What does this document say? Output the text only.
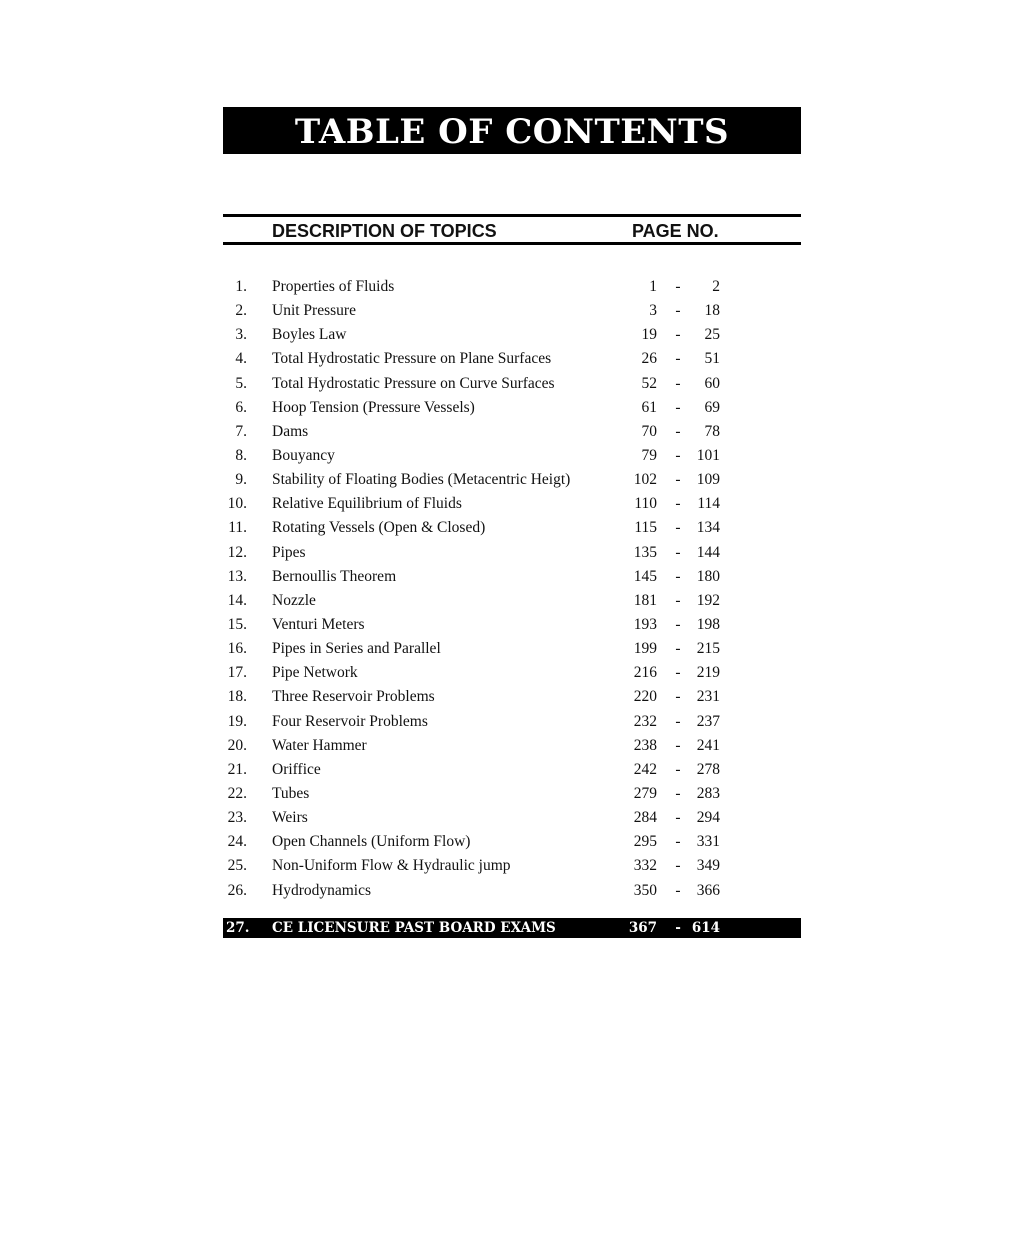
TABLE OF CONTENTS
DESCRIPTION OF TOPICS	PAGE NO.
1. Properties of Fluids	1 -	2
2. Unit Pressure	3 -	18
3. Boyles Law	19 -	25
4. Total Hydrostatic Pressure on Plane Surfaces	26 -	51
5. Total Hydrostatic Pressure on Curve Surfaces	52 -	60
6. Hoop Tension (Pressure Vessels)	61 -	69
7. Dams	70 -	78
8. Bouyancy	79 -	101
9. Stability of Floating Bodies (Metacentric Heigt)	102 -	109
10. Relative Equilibrium of Fluids	110 -	114
11. Rotating Vessels (Open & Closed)	115 -	134
12. Pipes	135 -	144
13. Bernoullis Theorem	145 -	180
14. Nozzle	181 -	192
15. Venturi Meters	193 -	198
16. Pipes in Series and Parallel	199 -	215
17. Pipe Network	216 -	219
18. Three Reservoir Problems	220 -	231
19. Four Reservoir Problems	232 -	237
20. Water Hammer	238 -	241
21. Oriffice	242 -	278
22. Tubes	279 -	283
23. Weirs	284 -	294
24. Open Channels (Uniform Flow)	295 -	331
25. Non-Uniform Flow & Hydraulic jump	332 -	349
26. Hydrodynamics	350 -	366
27. CE LICENSURE PAST BOARD EXAMS	367 - 614
